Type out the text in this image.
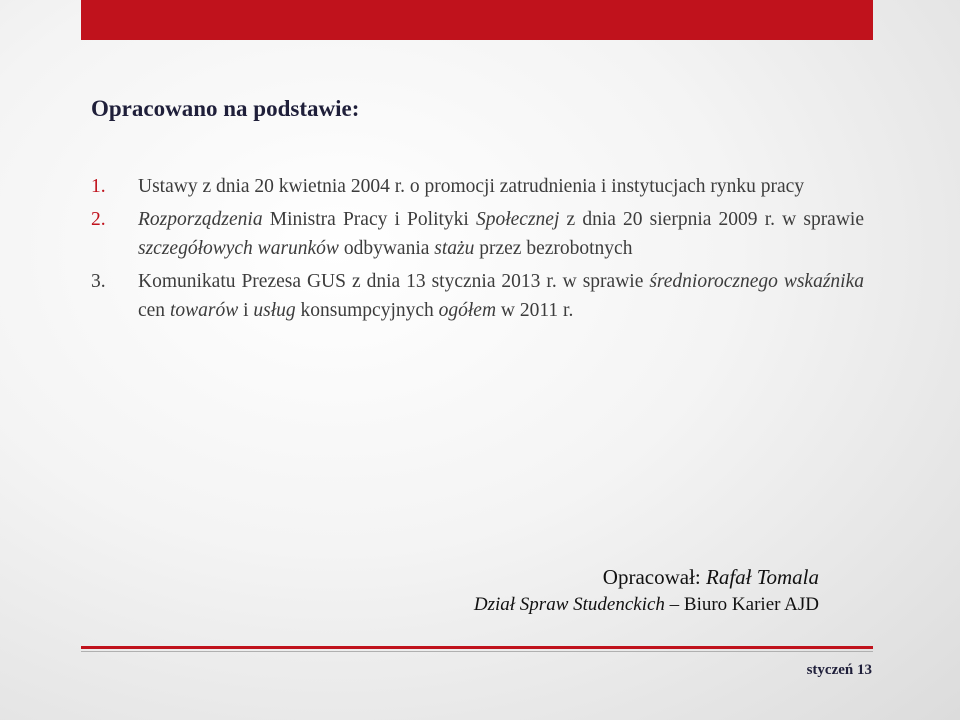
Opracowano na podstawie:
1. Ustawy z dnia 20 kwietnia 2004 r. o promocji zatrudnienia i instytucjach rynku pracy
2. Rozporządzenia Ministra Pracy i Polityki Społecznej z dnia 20 sierpnia 2009 r. w sprawie szczegółowych warunków odbywania stażu przez bezrobotnych
3. Komunikatu Prezesa GUS z dnia 13 stycznia 2013 r. w sprawie średniorocznego wskaźnika cen towarów i usług konsumpcyjnych ogółem w 2011 r.
Opracował: Rafał Tomala
Dział Spraw Studenckich – Biuro Karier AJD
styczeń 13
